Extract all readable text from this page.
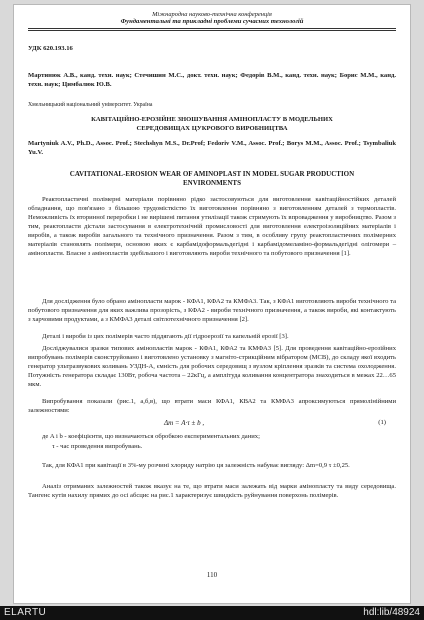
Міжнародна науково-технічна конференція
Фундаментальні та прикладні проблеми сучасних технологій
УДК 620.193.16
Мартинюк А.В., канд. техн. наук; Стечишин М.С., докт. техн. наук; Федорів В.М., канд. техн. наук; Борис М.М., канд. техн. наук; Цимбалюк Ю.В.
Хмельницький національний університет. Україна
КАВІТАЦІЙНО-ЕРОЗІЙНЕ ЗНОШУВАННЯ АМІНОПЛАСТУ В МОДЕЛЬНИХ СЕРЕДОВИЩАХ ЦУКРОВОГО ВИРОБНИЦТВА
Martyniuk A.V., Ph.D., Assoc. Prof.; Stechshyn M.S., Dr.Prof; Fedoriv V.M., Assoc. Prof.; Borys M.M., Assoc. Prof.; Tsymbaliuk Yu.V.
CAVITATIONAL-EROSION WEAR OF AMINOPLAST IN MODEL SUGAR PRODUCTION ENVIRONMENTS
Реактопластичні полімерні матеріали порівняно рідко застосовуються для виготовлення кавітаційностійких деталей обладнання, що пов'язано з більшою трудомісткістю їх виготовлення порівняно з виготовленням деталей з термопластів. Неможливість їх вторинної переробки і не вирішені питання утилізації також стримують їх впровадження у виробництво. Разом з тим, реактопласти дістали застосування в електротехнічній промисловості для виготовлення електроізоляційних матеріалів і виробів, а також виробів загального та технічного призначення. Разом з тим, в особливу групу реактопластичних полімерних матеріалів становлять полімери, основою яких є карбамідоформальдегідні і карбамідомеламіно-формальдегідні олігомери – амінопласти. Власне з амінопластів здебільшого і виготовляють вироби технічного та побутового призначення [1].
Для дослідження було обрано амінопласти марок - КФА1, КФА2 та КМФА3. Так, з КФА1 виготовляють вироби технічного та побутового призначення для яких важлива прозорість, з КФА2 - вироби технічного призначення, а також вироби, які контактують з харчовими продуктами, а з КМФА3 деталі світлотехнічного призначення [2].
Деталі і вироби із цих полімерів часто піддягають дії гідроерозії та капельній ерозії [3].
Досліджувалися зразки типових амінопластів марок - КФА1, КФА2 та КМФА3 [5]. Для проведення кавітаційно-ерозійних випробувань полімерів сконструйовано і виготовлено установку з магніто-стрикційним вібратором (МСВ), до складу якої входить генератор ультразвукових коливань УЗДН-А, ємність для робочих середовищ з вузлом кріплення зразків та система охолодження. Потужність генератора складає 130Вт, робоча частота – 22кГц, а амплітуда коливання концентратора знаходиться в межах 22…65 мкм.
Випробування показали (рис.1, а,б,в), що втрати маси КФА1, КВА2 та КМФА3 апроксимуються прямолінійними залежностями:
Δm = A·τ ± b ,	(1)
де A і b - коефіцієнти, що визначаються обробкою експериментальних даних;
τ - час проведення випробувань.
Так, для КФА1 при кавітації в 3%-му розчині хлориду натрію ця залежність набуває вигляду: Δm=0,9 τ ±0,25.
Аналіз отриманих залежностей також вказує на те, що втрати маси залежать від марки амінопласту та виду середовища. Тангенс кутів нахилу прямих до осі абсцис на рис.1 характеризує швидкість руйнування поверхонь полімерів.
110
ELARTU	hdl:lib/48924
